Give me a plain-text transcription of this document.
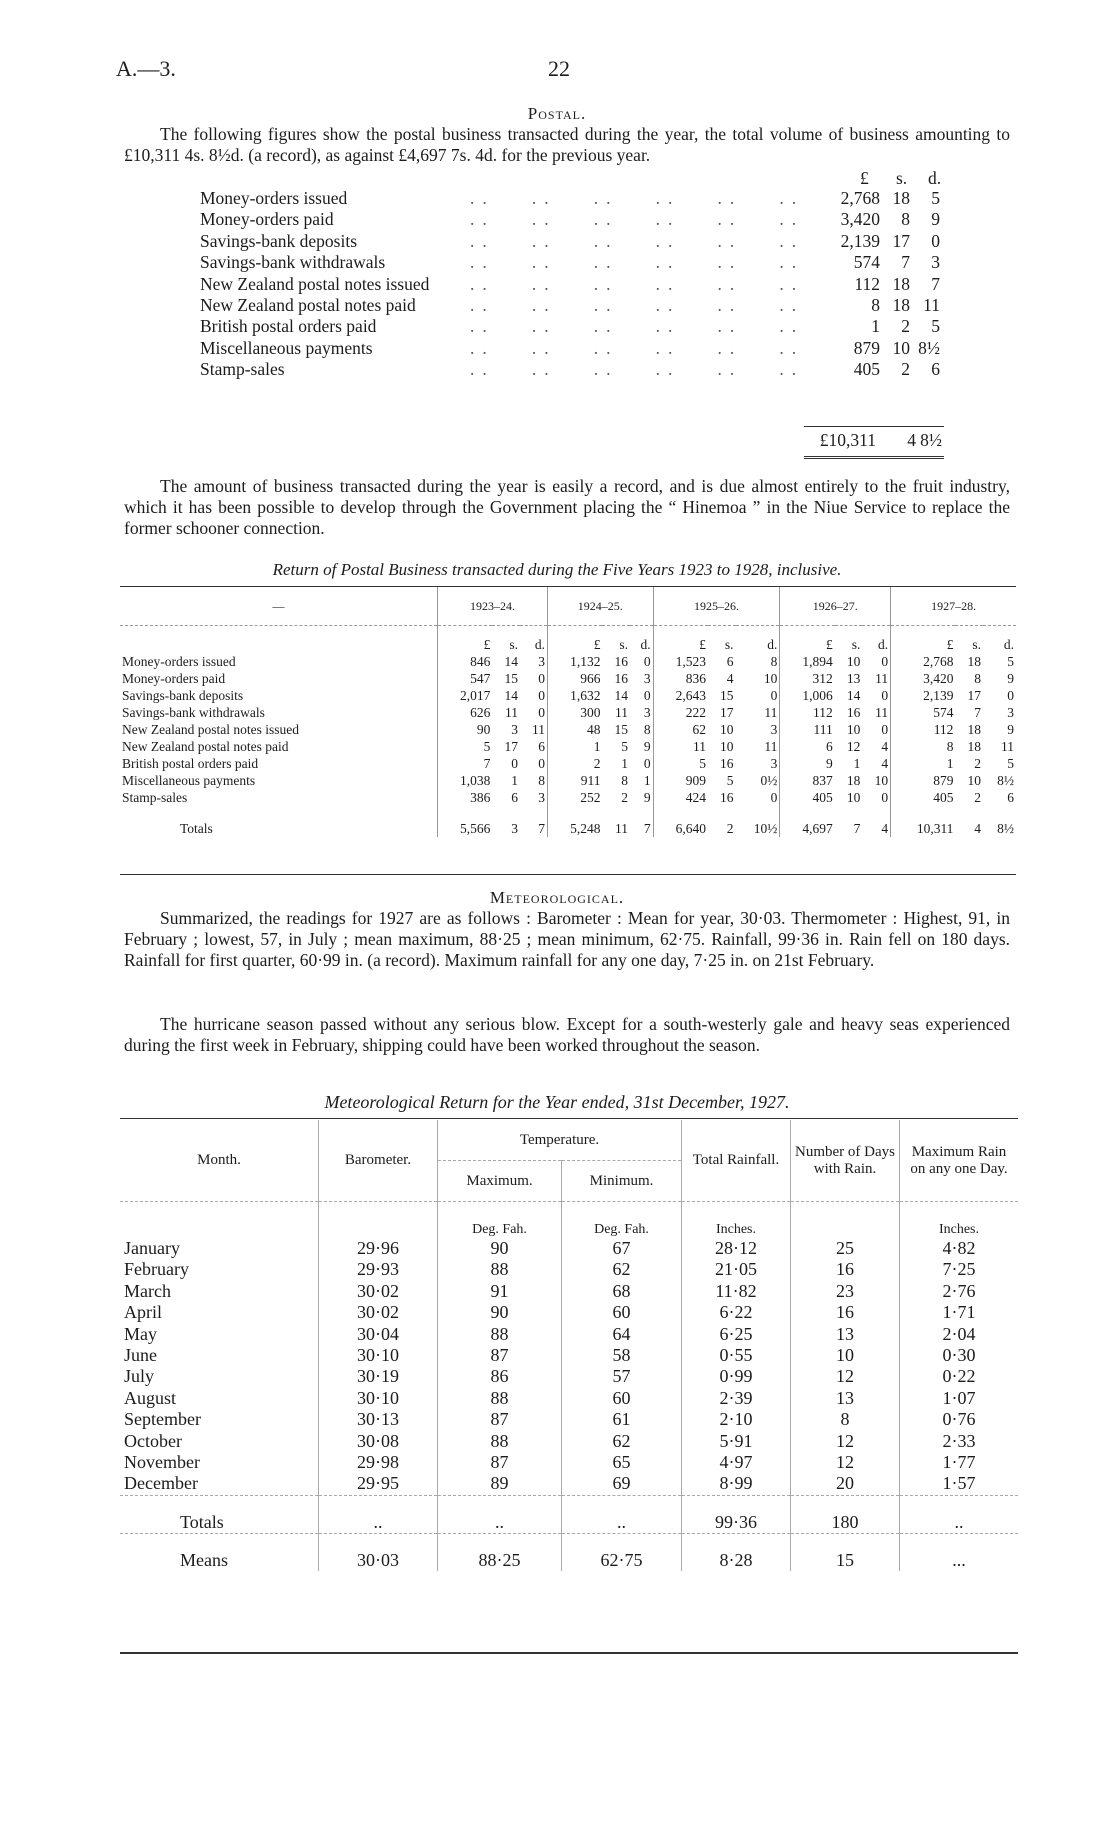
A.—3.	22
Postal.

The following figures show the postal business transacted during the year, the total volume of business amounting to £10,311 4s. 8½d. (a record), as against £4,697 7s. 4d. for the previous year.

£ s. d.
Money-orders issued	..   ..   ..   ..   ..   ..	2,768 18	5
Money-orders paid	..   ..   ..   ..   ..   ..	3,420	8	9
Savings-bank deposits	..   ..   ..   ..   ..   ..	2,139 17	0
Savings-bank withdrawals	..   ..   ..   ..   ..   ..	574	7	3
New Zealand postal notes issued ..   ..   ..   ..   ..   ..	112 18	7
New Zealand postal notes paid	..   ..   ..   ..   ..   ..	8 18 11
British postal orders paid	..   ..   ..   ..   ..   ..	1	2	5
Miscellaneous payments	..   ..   ..   ..   ..   ..	879 10 8½
Stamp-sales	..   ..   ..   ..   ..   ..	405	2	6
£10,311	4 8½

The amount of business transacted during the year is easily a record, and is due almost entirely to the fruit industry, which it has been possible to develop through the Government placing the “ Hinemoa ” in the Niue Service to replace the former schooner connection.

Return of Postal Business transacted during the Five Years 1923 to 1928, inclusive.
—	1923–24.			1924–25.			1925–26.			1926–27.			1927–28.		
	£	s.	d.	£	s.	d.	£	s.	d.	£	s.	d.	£	s.	d.
Money-orders issued	846	14	3	1,132	16	0	1,523	6	8	1,894	10	0	2,768	18	5
Money-orders paid	547	15	0	966	16	3	836	4	10	312	13	11	3,420	8	9
Savings-bank deposits	2,017	14	0	1,632	14	0	2,643	15	0	1,006	14	0	2,139	17	0
Savings-bank withdrawals	626	11	0	300	11	3	222	17	11	112	16	11	574	7	3
New Zealand postal notes issued	90	3	11	48	15	8	62	10	3	111	10	0	112	18	9
New Zealand postal notes paid	5	17	6	1	5	9	11	10	11	6	12	4	8	18	11
British postal orders paid	7	0	0	2	1	0	5	16	3	9	1	4	1	2	5
Miscellaneous payments	1,038	1	8	911	8	1	909	5	0½	837	18	10	879	10	8½
Stamp-sales	386	6	3	252	2	9	424	16	0	405	10	0	405	2	6
Totals	5,566	3	7	5,248	11	7	6,640	2	10½	4,697	7	4	10,311	4	8½
Meteorological.

Summarized, the readings for 1927 are as follows : Barometer : Mean for year, 30·03. Thermometer : Highest, 91, in February ; lowest, 57, in July ; mean maximum, 88·25 ; mean minimum, 62·75. Rainfall, 99·36 in. Rain fell on 180 days. Rainfall for first quarter, 60·99 in. (a record). Maximum rainfall for any one day, 7·25 in. on 21st February.

The hurricane season passed without any serious blow. Except for a south-westerly gale and heavy seas experienced during the first week in February, shipping could have been worked throughout the season.

Meteorological Return for the Year ended, 31st December, 1927.
Month.	Barometer.	Temperature.		Total Rainfall.	Number of Days with Rain.	Maximum Rain on any one Day.
		Maximum.	Minimum.			
		Deg. Fah.	Deg. Fah.	Inches.		Inches.
January	29·96	90	67	28·12	25	4·82
February	29·93	88	62	21·05	16	7·25
March	30·02	91	68	11·82	23	2·76
April	30·02	90	60	6·22	16	1·71
May	30·04	88	64	6·25	13	2·04
June	30·10	87	58	0·55	10	0·30
July	30·19	86	57	0·99	12	0·22
August	30·10	88	60	2·39	13	1·07
September	30·13	87	61	2·10	8	0·76
October	30·08	88	62	5·91	12	2·33
November	29·98	87	65	4·97	12	1·77
December	29·95	89	69	8·99	20	1·57
Totals	..	..	..	99·36	180	..
Means	30·03	88·25	62·75	8·28	15	...
